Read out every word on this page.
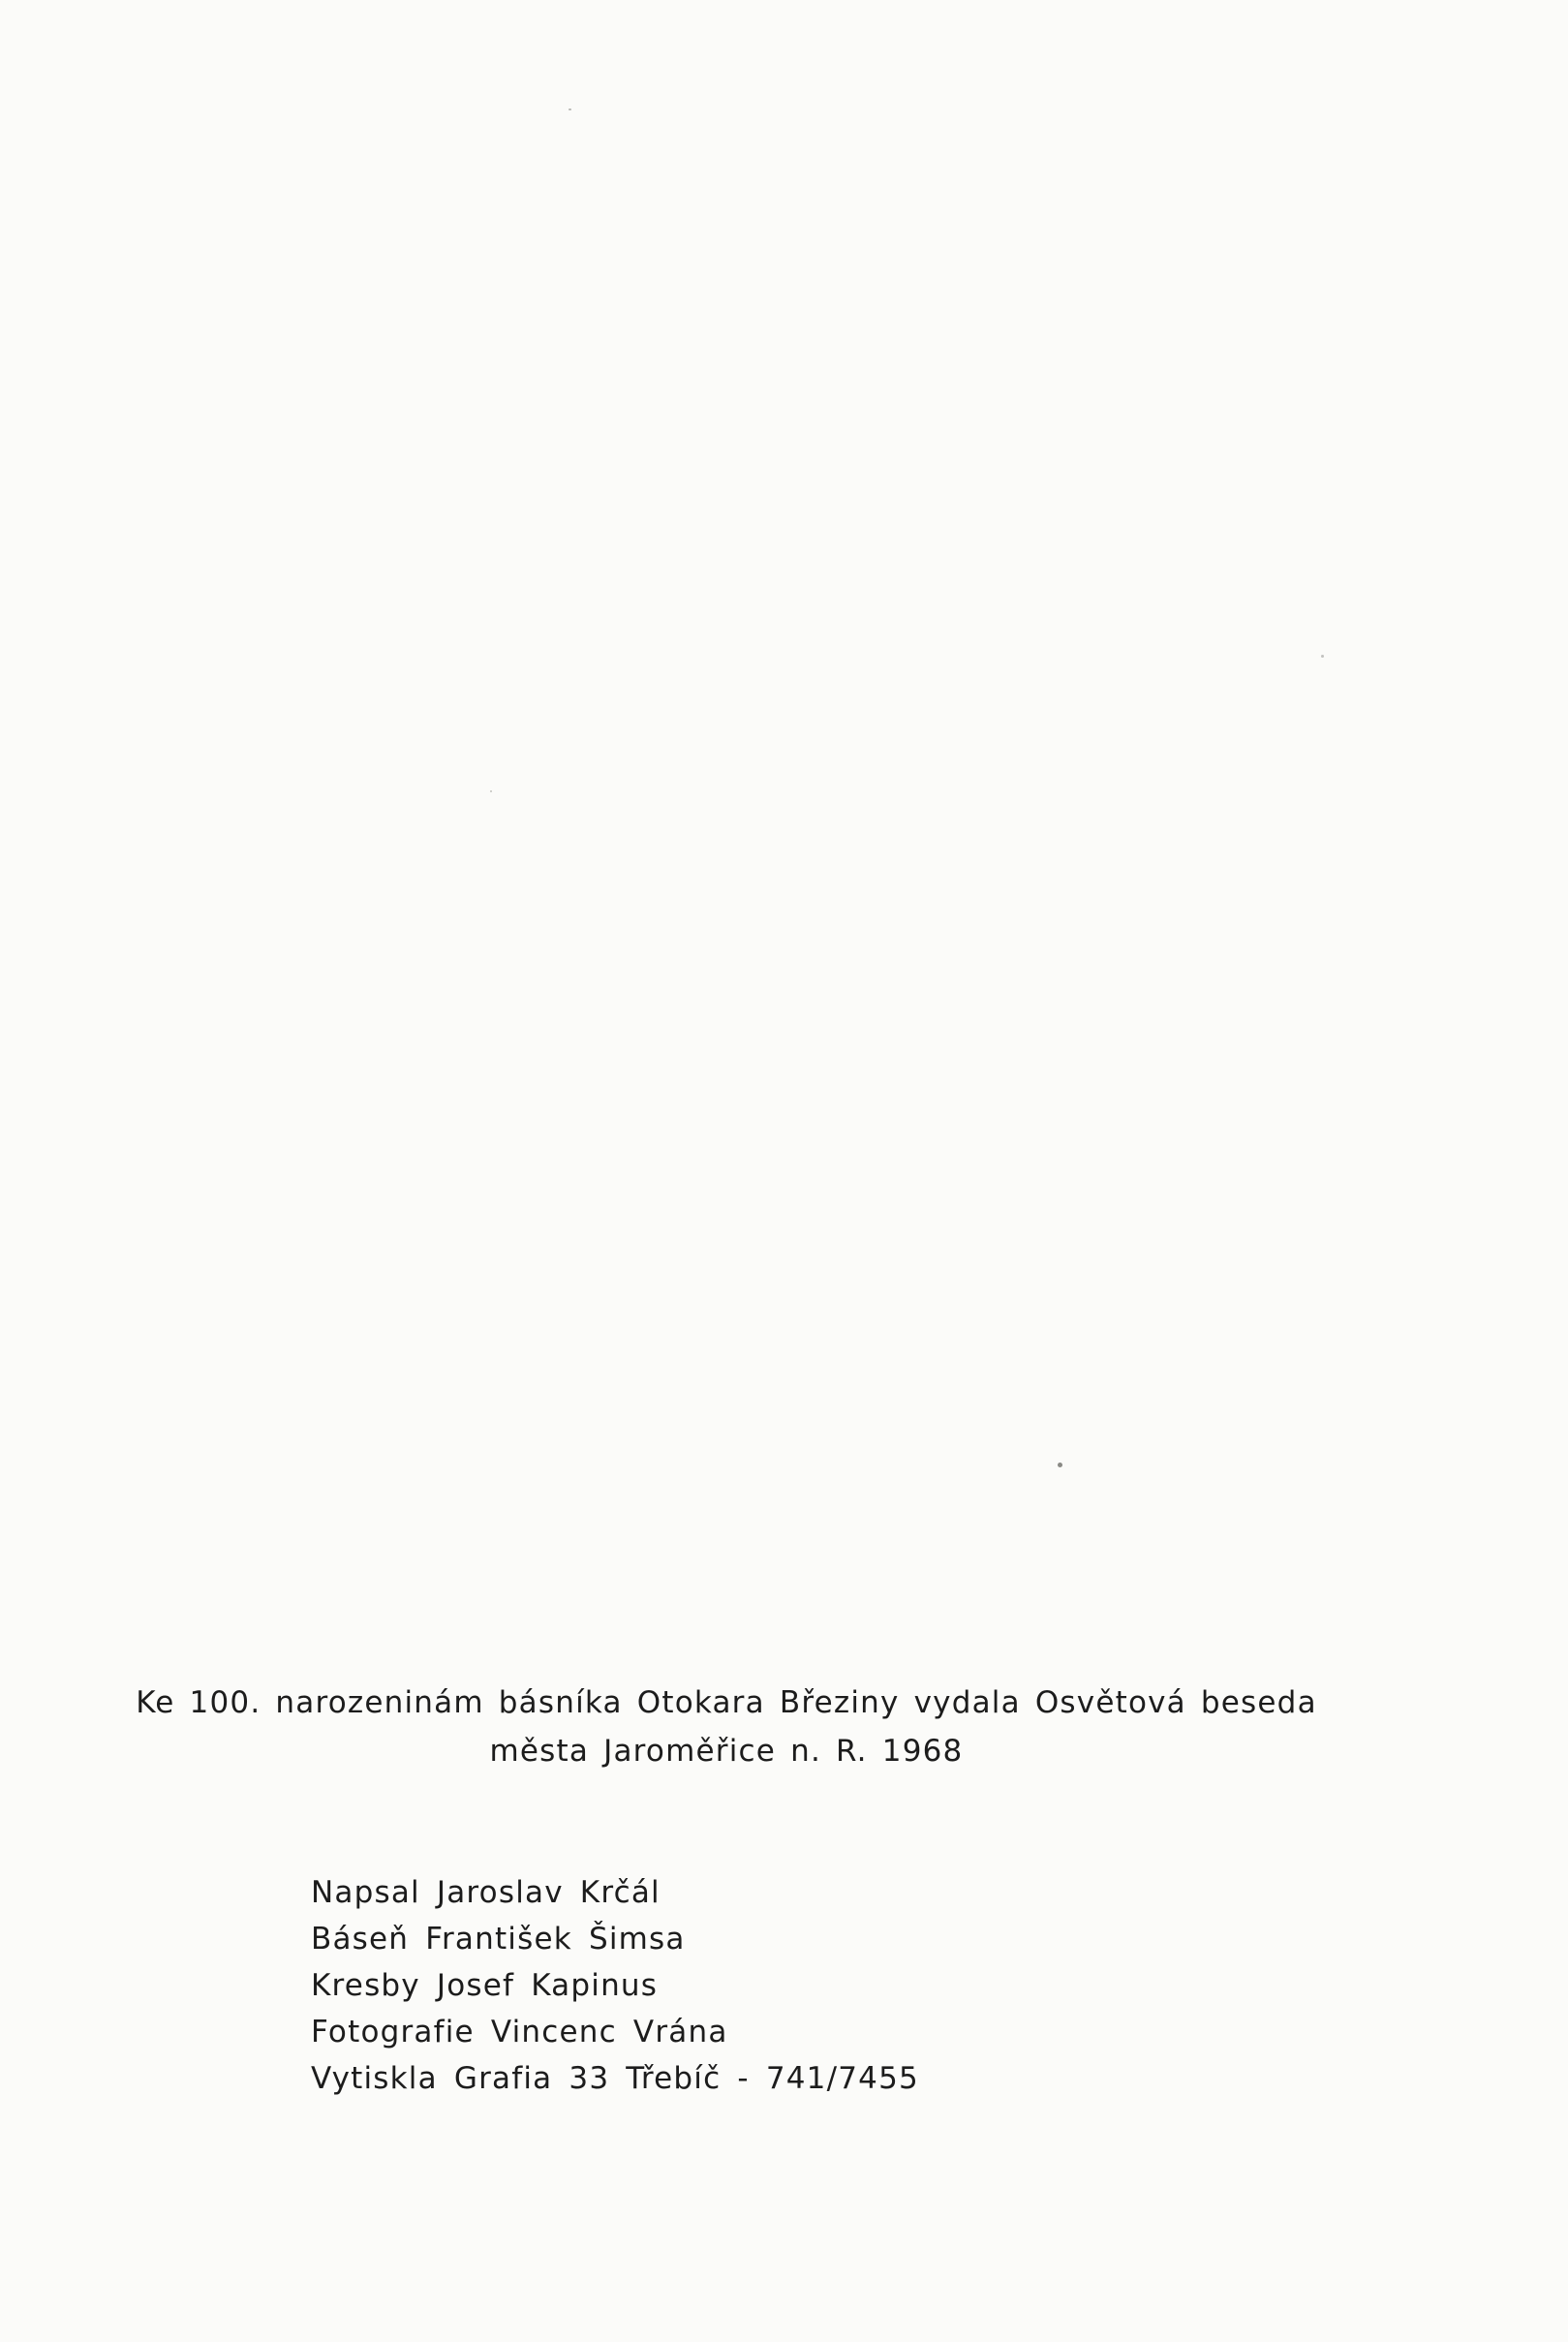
Ke 100. narozeninám básníka Otokara Březiny vydala Osvětová beseda

města Jaroměřice n. R. 1968

Napsal Jaroslav Krčál
Báseň František Šimsa
Kresby Josef Kapinus
Fotografie Vincenc Vrána
Vytiskla Grafia 33 Třebíč - 741/7455
